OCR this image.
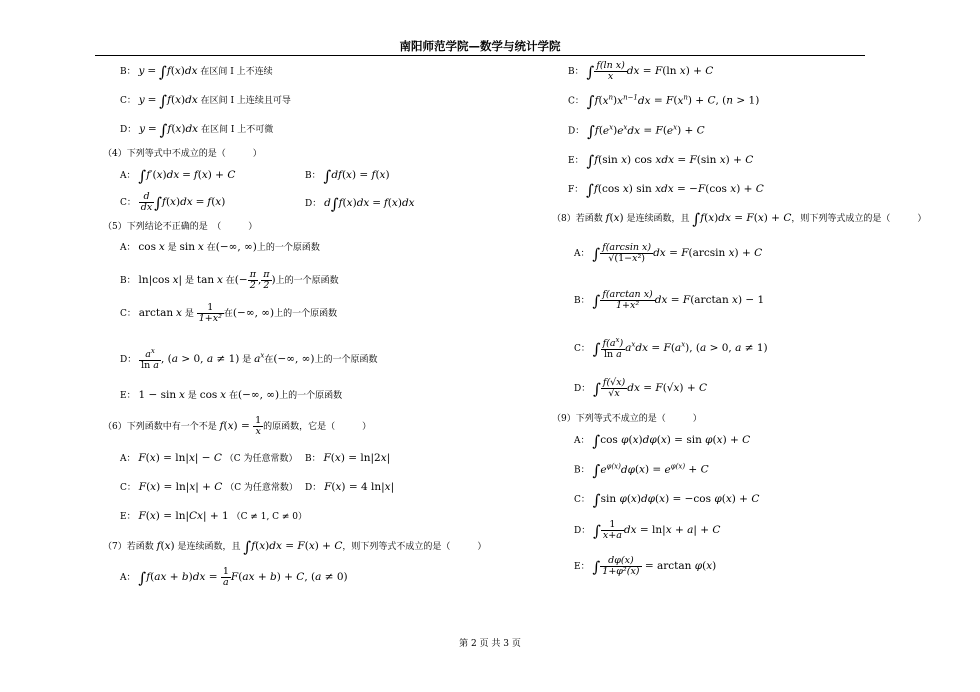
南阳师范学院—数学与统计学院
B： y = ∫f(x)dx 在区间 I 上不连续
C： y = ∫f(x)dx 在区间 I 上连续且可导
D： y = ∫f(x)dx 在区间 I 上不可微
（4）下列等式中不成立的是（　　　）
A： ∫f′(x)dx = f(x) + C	B： ∫df(x) = f(x)
C： $\frac{d}{dx} \int f(x)dx = f(x)$	D： d∫f(x)dx = f(x)dx
（5）下列结论不正确的是　（　　　）
A： cos x 是 sin x 在(−∞, ∞)上的一个原函数
B： ln|cos x| 是 tan x 在(− $\frac{\pi}{2}$ , $\frac{\pi}{2}$ )上的一个原函数
C： arctan x 是 $\frac{1}{\text{1+x²}}$ 在(−∞, ∞)上的一个原函数
D： $\frac{a^x}{\text{ln a}}$ , (a > 0, a ≠ 1) 是 $a^x$在(−∞, ∞)上的一个原函数
E： 1 − sin x 是 cos x 在(−∞, ∞)上的一个原函数
（6）下列函数中有一个不是 $f(x) = \frac{1}{x}$ 的原函数，它是（　　　）
A： F(x) = ln|x| − C （C 为任意常数） B： F(x) = ln|2x|
C： F(x) = ln|x| + C （C 为任意常数） D： F(x) = 4 ln|x|
E： F(x) = ln|Cx| + 1 （C ≠ 1, C ≠ 0）
（7）若函数 f(x) 是连续函数，且 ∫f(x)dx = F(x) + C，则下列等式不成立的是（　　　）
A： $\int f(ax + b)dx = \frac{1}{a} F(ax + b) + C$, (a ≠ 0)
B： ∫ $\frac{\text{f(ln x)}}{x}$ dx = F(ln x) + C
C： $\int f(x^n)x^{n-1}dx = F(x^n) + C$, (n > 1)
D： $\int f(e^x)e^xdx = F(e^x) + C$
E： ∫f(sin x) cos xdx = F(sin x) + C
F： ∫f(cos x) sin xdx = −F(cos x) + C
（8）若函数 f(x) 是连续函数，且 ∫f(x)dx = F(x) + C，则下列等式成立的是（　　　）
A： ∫ $\frac{\text{f(arcsin x)}}{\text{√(1−x²)}}$ dx = F(arcsin x) + C
B： ∫ $\frac{\text{f(arctan x)}}{\text{1+x²}}$ dx = F(arctan x) − 1
C： ∫ $\frac{f(a^x)}{\text{ln a}} a^xdx = F(a^x)$, (a > 0, a ≠ 1)
D： ∫ $\frac{f(√x)}{√x}$ dx = F(√x) + C
（9）下列等式不成立的是（　　　）
A： ∫cos φ(x)dφ(x) = sin φ(x) + C
B： $\int e^{\varphi(x)}d\varphi(x) = e^{\varphi(x)} + C$
C： ∫sin φ(x)dφ(x) = −cos φ(x) + C
D： ∫ $\frac{1}{x+a}$ dx = ln|x + a| + C
E： ∫ $\frac{d\varphi(x)}{\text{1+φ²(x)}} = \arctan \varphi(x)$
第 2 页 共 3 页
